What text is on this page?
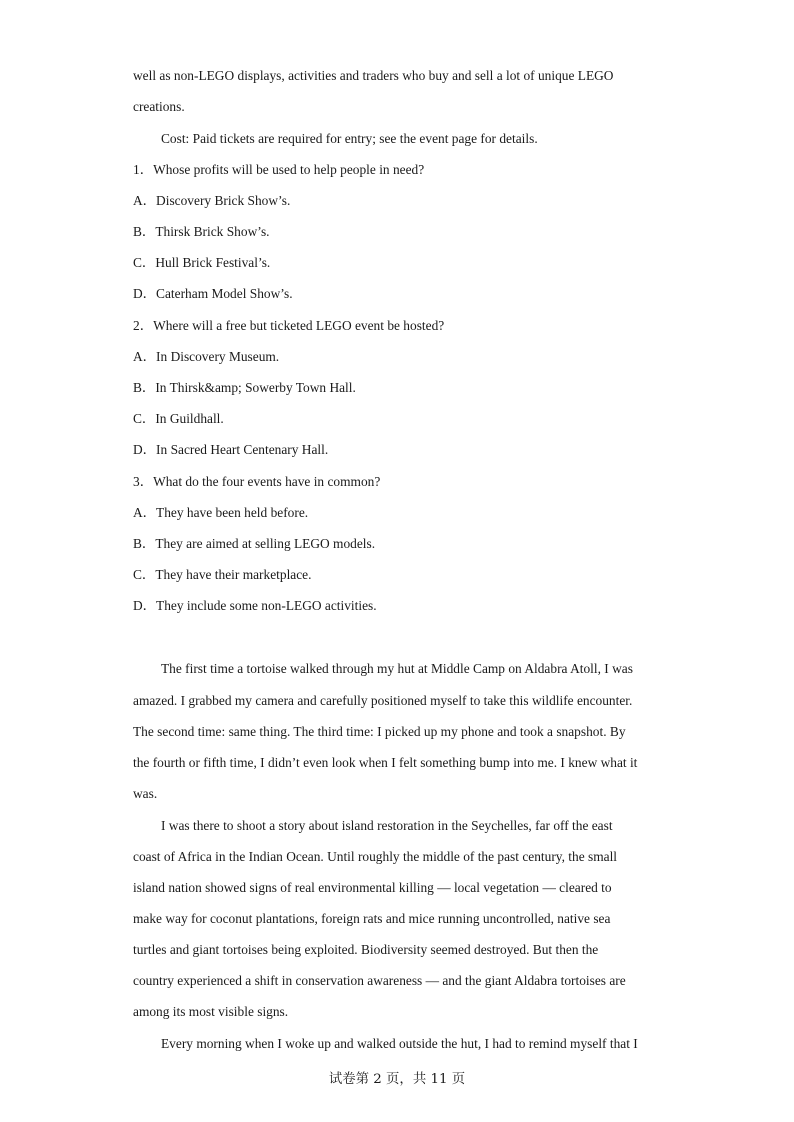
well as non-LEGO displays, activities and traders who buy and sell a lot of unique LEGO
creations.
Cost: Paid tickets are required for entry; see the event page for details.
1．Whose profits will be used to help people in need?
A．Discovery Brick Show’s.
B．Thirsk Brick Show’s.
C．Hull Brick Festival’s.
D．Caterham Model Show’s.
2．Where will a free but ticketed LEGO event be hosted?
A．In Discovery Museum.
B．In Thirsk&amp; Sowerby Town Hall.
C．In Guildhall.
D．In Sacred Heart Centenary Hall.
3．What do the four events have in common?
A．They have been held before.
B．They are aimed at selling LEGO models.
C．They have their marketplace.
D．They include some non-LEGO activities.
The first time a tortoise walked through my hut at Middle Camp on Aldabra Atoll, I was
amazed. I grabbed my camera and carefully positioned myself to take this wildlife encounter.
The second time: same thing. The third time: I picked up my phone and took a snapshot. By
the fourth or fifth time, I didn’t even look when I felt something bump into me. I knew what it
was.
I was there to shoot a story about island restoration in the Seychelles, far off the east
coast of Africa in the Indian Ocean. Until roughly the middle of the past century, the small
island nation showed signs of real environmental killing — local vegetation — cleared to
make way for coconut plantations, foreign rats and mice running uncontrolled, native sea
turtles and giant tortoises being exploited. Biodiversity seemed destroyed. But then the
country experienced a shift in conservation awareness — and the giant Aldabra tortoises are
among its most visible signs.
Every morning when I woke up and walked outside the hut, I had to remind myself that I
试卷第 2 页，共 11 页
